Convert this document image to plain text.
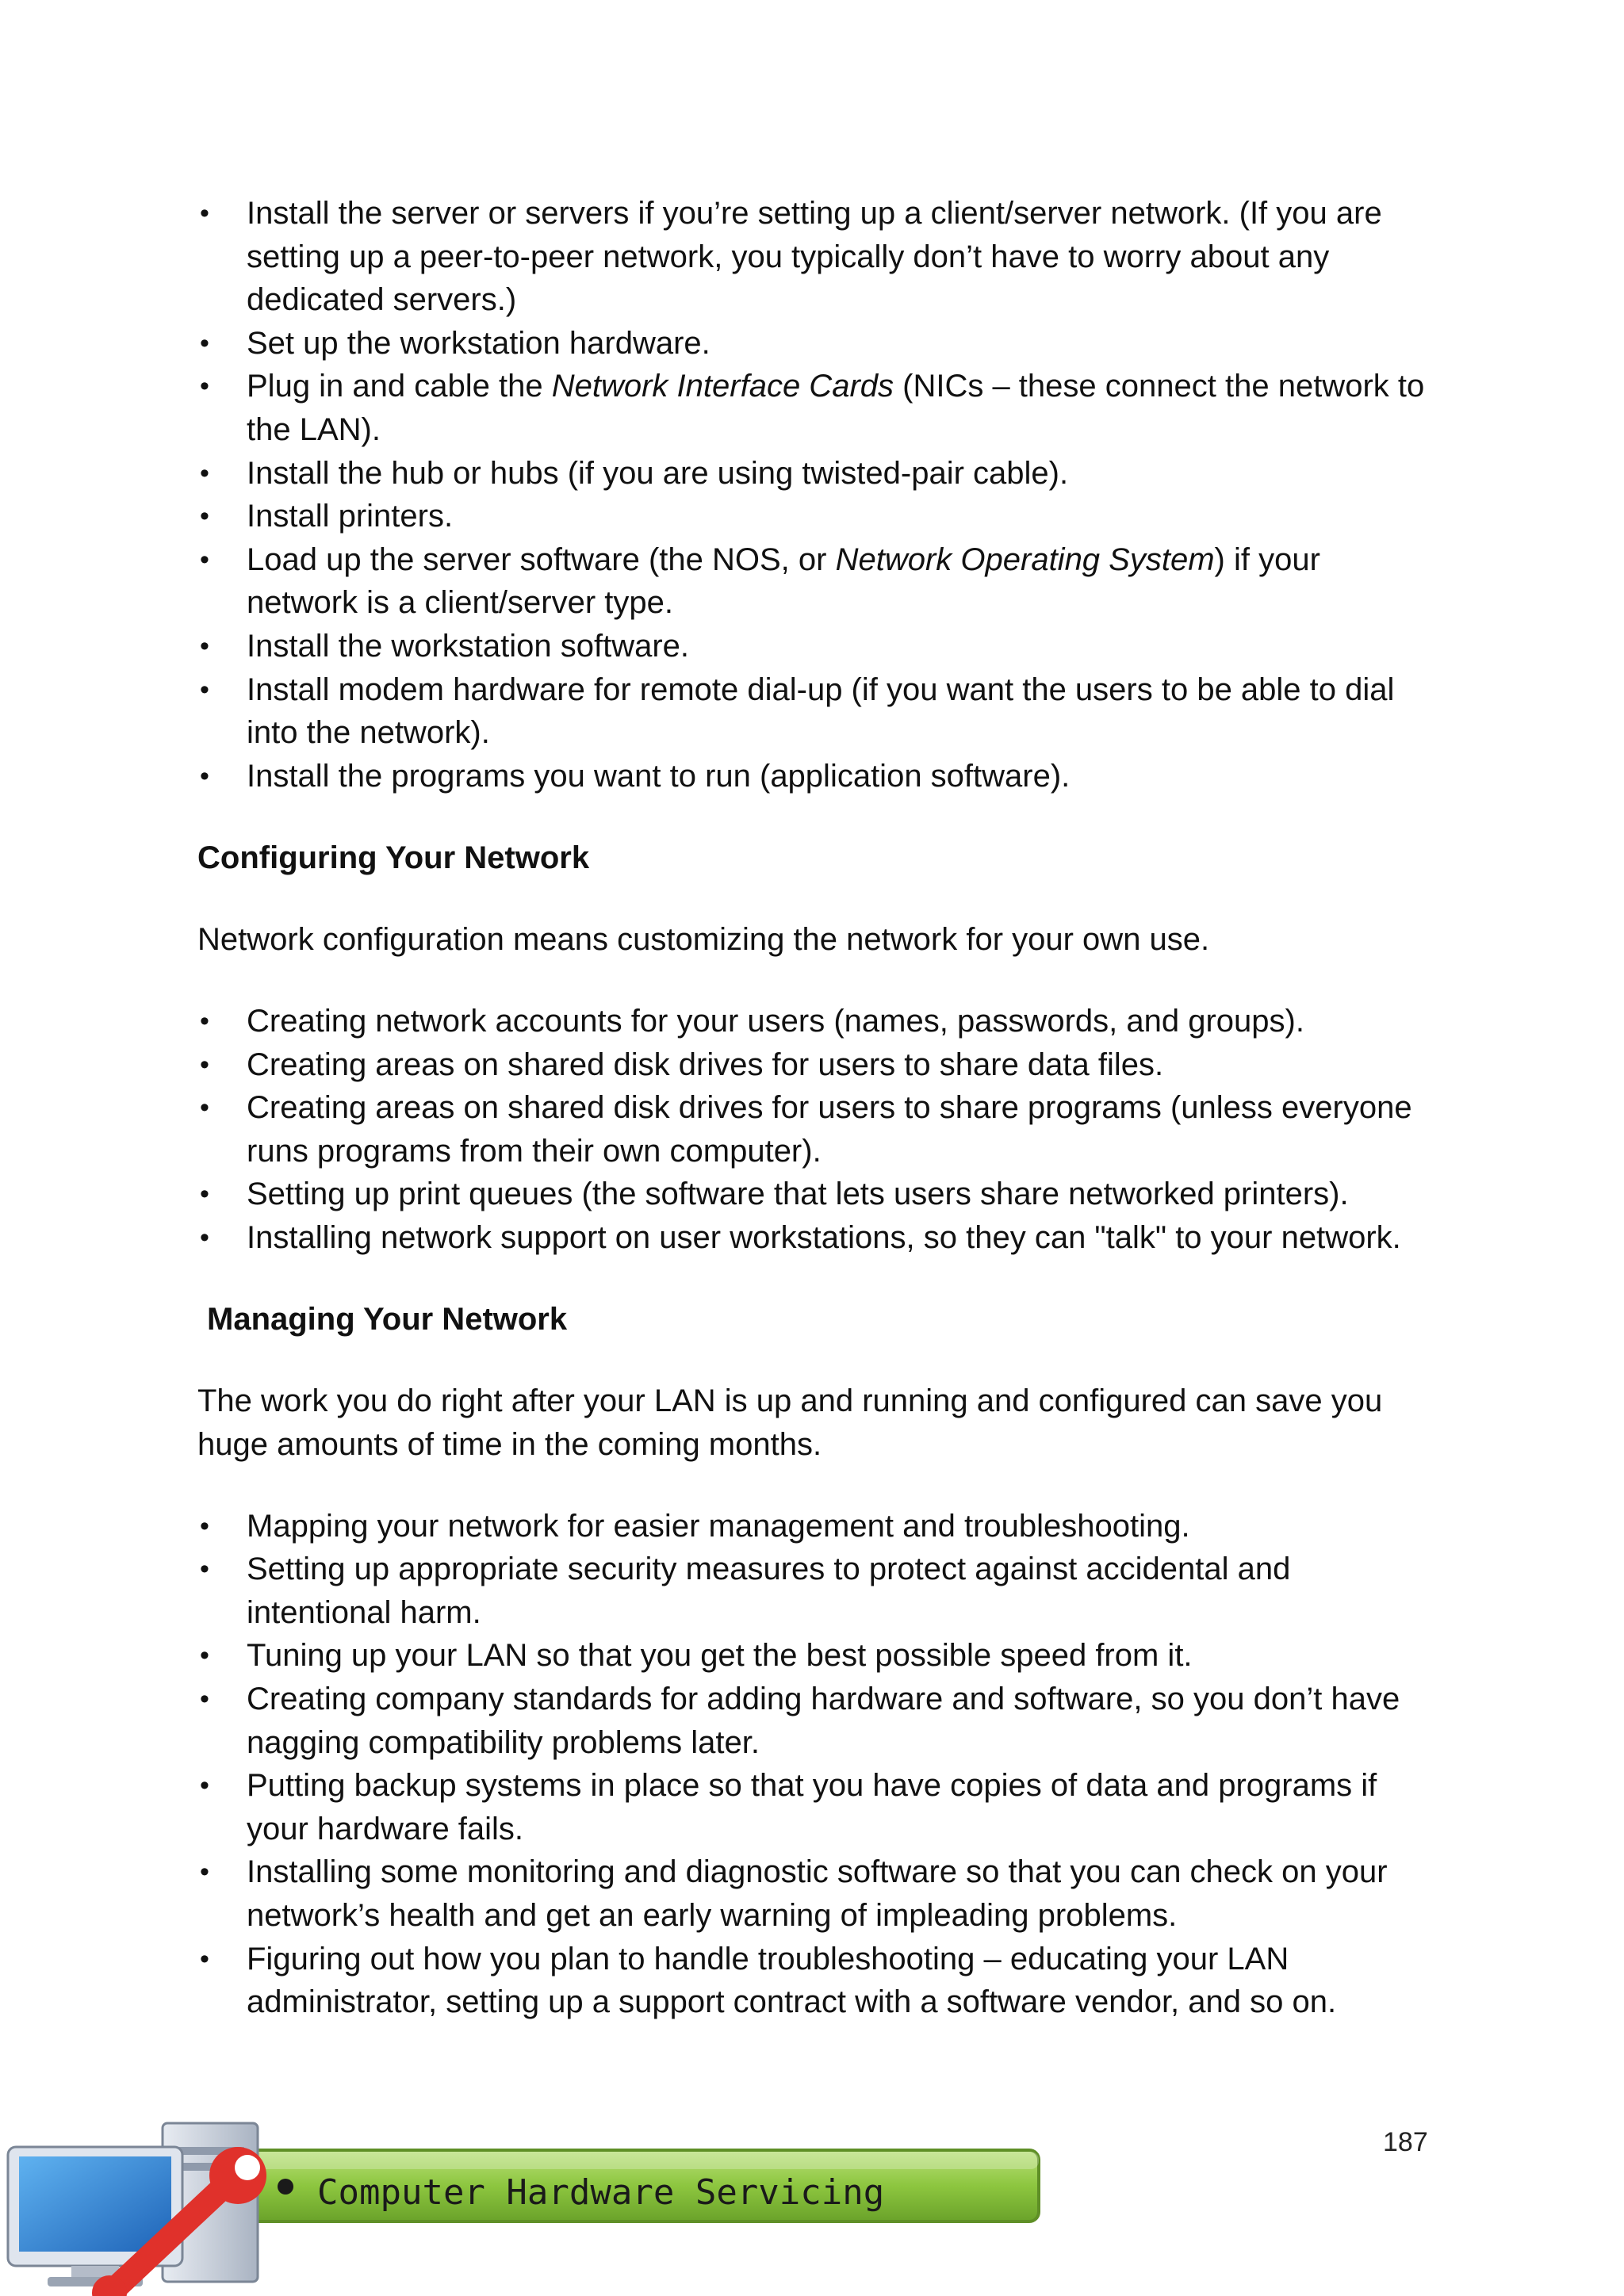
• Install the server or servers if you’re setting up a client/server network. (If you are setting up a peer-to-peer network, you typically don’t have to worry about any dedicated servers.)
• Set up the workstation hardware.
• Plug in and cable the Network Interface Cards (NICs – these connect the network to the LAN).
• Install the hub or hubs (if you are using twisted-pair cable).
• Install printers.
• Load up the server software (the NOS, or Network Operating System) if your network is a client/server type.
• Install the workstation software.
• Install modem hardware for remote dial-up (if you want the users to be able to dial into the network).
• Install the programs you want to run (application software).
Configuring Your Network

Network configuration means customizing the network for your own use.

• Creating network accounts for your users (names, passwords, and groups).
• Creating areas on shared disk drives for users to share data files.
• Creating areas on shared disk drives for users to share programs (unless everyone runs programs from their own computer).
• Setting up print queues (the software that lets users share networked printers).
• Installing network support on user workstations, so they can "talk" to your network.
Managing Your Network

The work you do right after your LAN is up and running and configured can save you huge amounts of time in the coming months.

• Mapping your network for easier management and troubleshooting.
• Setting up appropriate security measures to protect against accidental and intentional harm.
• Tuning up your LAN so that you get the best possible speed from it.
• Creating company standards for adding hardware and software, so you don’t have nagging compatibility problems later.
• Putting backup systems in place so that you have copies of data and programs if your hardware fails.
• Installing some monitoring and diagnostic software so that you can check on your network’s health and get an early warning of impleading problems.
• Figuring out how you plan to handle troubleshooting – educating your LAN administrator, setting up a support contract with a software vendor, and so on.
187
Computer Hardware Servicing
